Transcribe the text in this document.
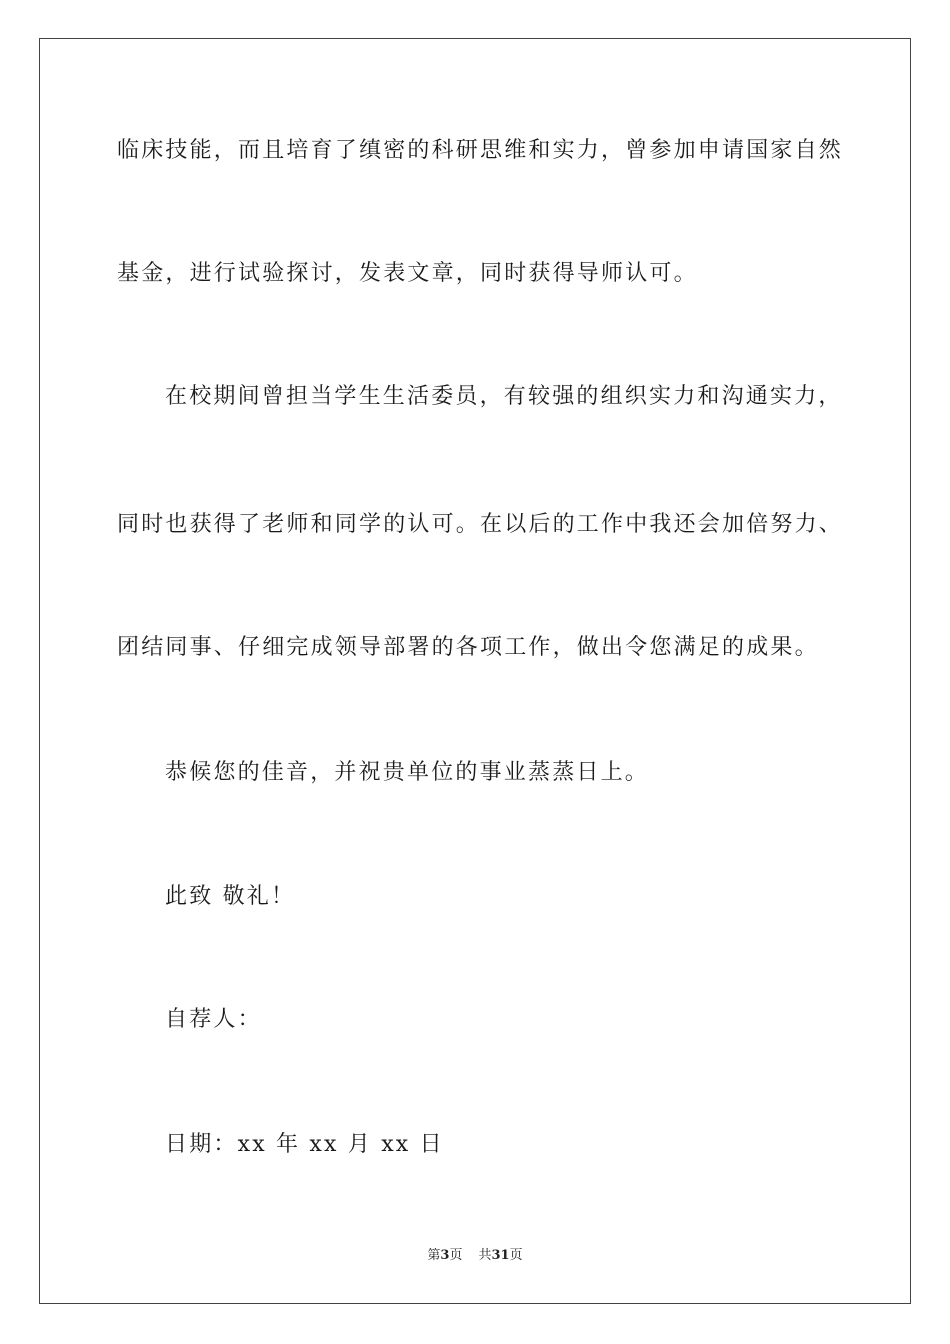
临床技能，而且培育了缜密的科研思维和实力，曾参加申请国家自然

基金，进行试验探讨，发表文章，同时获得导师认可。

在校期间曾担当学生生活委员，有较强的组织实力和沟通实力，

同时也获得了老师和同学的认可。在以后的工作中我还会加倍努力、

团结同事、仔细完成领导部署的各项工作，做出令您满足的成果。

恭候您的佳音，并祝贵单位的事业蒸蒸日上。

此致 敬礼！

自荐人：

日期：xx 年 xx 月 xx 日

第3页 共31页
